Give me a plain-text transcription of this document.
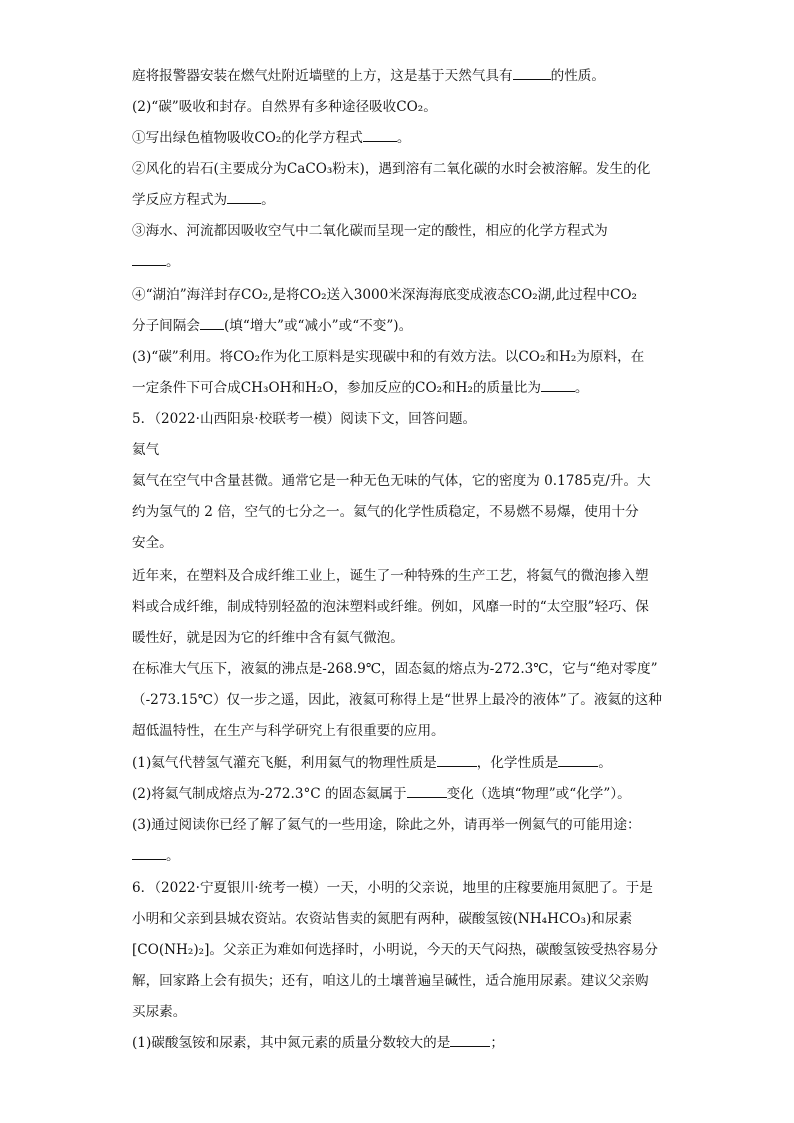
庭将报警器安装在燃气灶附近墙壁的上方，这是基于天然气具有	的性质。
(2)“碳”吸收和封存。自然界有多种途径吸收CO₂。
①写出绿色植物吸收CO₂的化学方程式	。
②风化的岩石(主要成分为CaCO₃粉末)，遇到溶有二氧化碳的水时会被溶解。发生的化
学反应方程式为	。
③海水、河流都因吸收空气中二氧化碳而呈现一定的酸性，相应的化学方程式为
。
④“湖泊”海洋封存CO₂,是将CO₂送入3000米深海海底变成液态CO₂湖,此过程中CO₂
分子间隔会 (填“增大”或“减小”或“不变”)。
(3)“碳”利用。将CO₂作为化工原料是实现碳中和的有效方法。以CO₂和H₂为原料，在
一定条件下可合成CH₃OH和H₂O，参加反应的CO₂和H₂的质量比为	。
5．（2022·山西阳泉·校联考一模）阅读下文，回答问题。
氦气
氦气在空气中含量甚微。通常它是一种无色无味的气体，它的密度为 0.1785克/升。大
约为氢气的 2 倍，空气的七分之一。氦气的化学性质稳定，不易燃不易爆，使用十分
安全。
近年来，在塑料及合成纤维工业上，诞生了一种特殊的生产工艺，将氦气的微泡掺入塑
料或合成纤维，制成特别轻盈的泡沫塑料或纤维。例如，风靡一时的“太空服”轻巧、保
暖性好，就是因为它的纤维中含有氦气微泡。
在标准大气压下，液氦的沸点是-268.9℃，固态氦的熔点为-272.3℃，它与“绝对零度”
（-273.15℃）仅一步之遥，因此，液氦可称得上是“世界上最冷的液体”了。液氦的这种
超低温特性，在生产与科学研究上有很重要的应用。
(1)氦气代替氢气灌充飞艇，利用氦气的物理性质是	，化学性质是	。
(2)将氦气制成熔点为-272.3°C 的固态氦属于	变化（选填“物理”或“化学”）。
(3)通过阅读你已经了解了氦气的一些用途，除此之外，请再举一例氦气的可能用途：
。
6．（2022·宁夏银川·统考一模）一天，小明的父亲说，地里的庄稼要施用氮肥了。于是
小明和父亲到县城农资站。农资站售卖的氮肥有两种，碳酸氢铵(NH₄HCO₃)和尿素
[CO(NH₂)₂]。父亲正为难如何选择时，小明说，今天的天气闷热，碳酸氢铵受热容易分
解，回家路上会有损失；还有，咱这儿的土壤普遍呈碱性，适合施用尿素。建议父亲购
买尿素。
(1)碳酸氢铵和尿素，其中氮元素的质量分数较大的是	；
